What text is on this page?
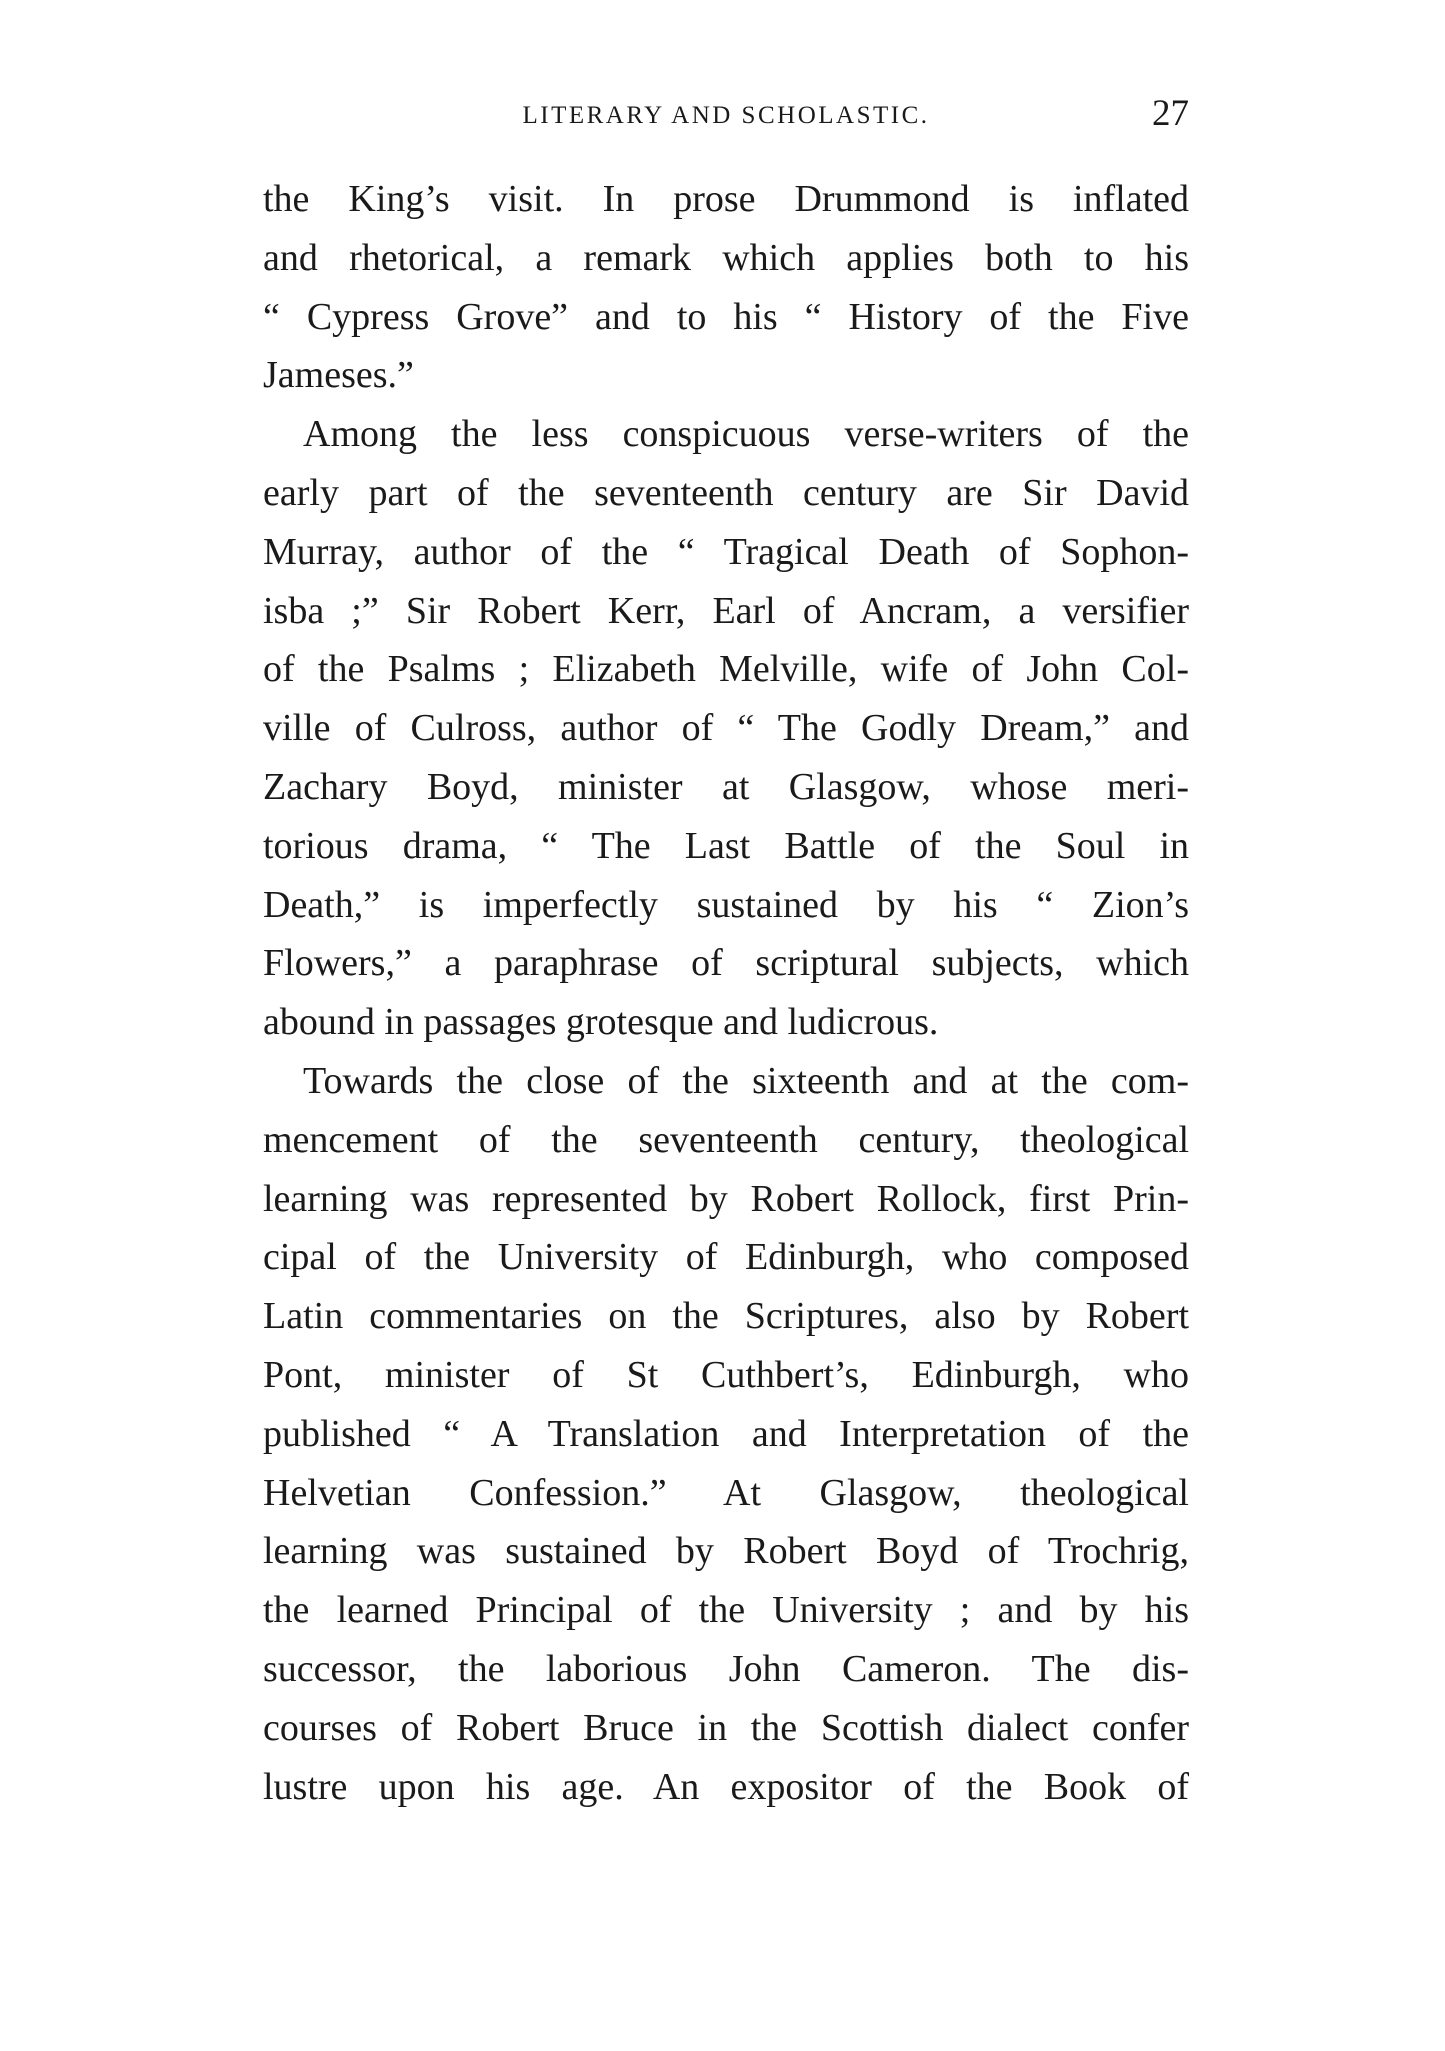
LITERARY AND SCHOLASTIC.	27
the King’s visit. In prose Drummond is inflated
and rhetorical, a remark which applies both to his
“ Cypress Grove” and to his “ History of the Five
Jameses.”
Among the less conspicuous verse-writers of the
early part of the seventeenth century are Sir David
Murray, author of the “ Tragical Death of Sophon-
isba ;” Sir Robert Kerr, Earl of Ancram, a versifier
of the Psalms ; Elizabeth Melville, wife of John Col-
ville of Culross, author of “ The Godly Dream,” and
Zachary Boyd, minister at Glasgow, whose meri-
torious drama, “ The Last Battle of the Soul in
Death,” is imperfectly sustained by his “ Zion’s
Flowers,” a paraphrase of scriptural subjects, which
abound in passages grotesque and ludicrous.
Towards the close of the sixteenth and at the com-
mencement of the seventeenth century, theological
learning was represented by Robert Rollock, first Prin-
cipal of the University of Edinburgh, who composed
Latin commentaries on the Scriptures, also by Robert
Pont, minister of St Cuthbert’s, Edinburgh, who
published “ A Translation and Interpretation of the
Helvetian Confession.” At Glasgow, theological
learning was sustained by Robert Boyd of Trochrig,
the learned Principal of the University ; and by his
successor, the laborious John Cameron. The dis-
courses of Robert Bruce in the Scottish dialect confer
lustre upon his age. An expositor of the Book of
